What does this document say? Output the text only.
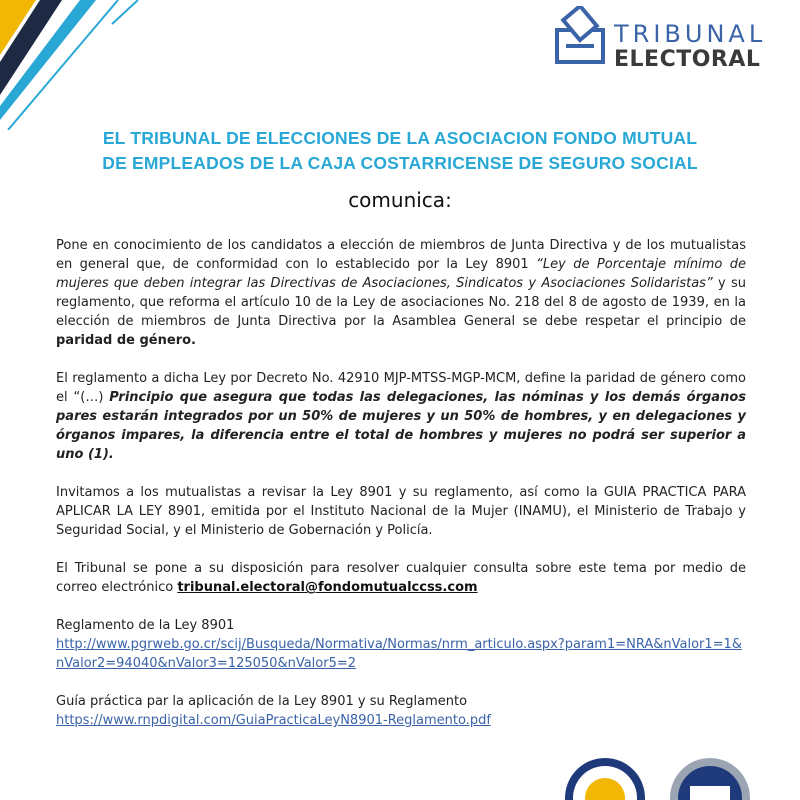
TRIBUNAL
ELECTORAL
EL TRIBUNAL DE ELECCIONES DE LA ASOCIACION FONDO MUTUAL
DE EMPLEADOS DE LA CAJA COSTARRICENSE DE SEGURO SOCIAL
comunica:

Pone en conocimiento de los candidatos a elección de miembros de Junta Directiva y de los mutualistas en general que, de conformidad con lo establecido por la Ley 8901 “Ley de Porcentaje mínimo de mujeres que deben integrar las Directivas de Asociaciones, Sindicatos y Asociaciones Solidaristas” y su reglamento, que reforma el artículo 10 de la Ley de asociaciones No. 218 del 8 de agosto de 1939, en la elección de miembros de Junta Directiva por la Asamblea General se debe respetar el principio de paridad de género.

El reglamento a dicha Ley por Decreto No. 42910 MJP-MTSS-MGP-MCM, define la paridad de género como el “(…) Principio que asegura que todas las delegaciones, las nóminas y los demás órganos pares estarán integrados por un 50% de mujeres y un 50% de hombres, y en delegaciones y órganos impares, la diferencia entre el total de hombres y mujeres no podrá ser superior a uno (1).

Invitamos a los mutualistas a revisar la Ley 8901 y su reglamento, así como la GUIA PRACTICA PARA APLICAR LA LEY 8901, emitida por el Instituto Nacional de la Mujer (INAMU), el Ministerio de Trabajo y Seguridad Social, y el Ministerio de Gobernación y Policía.

El Tribunal se pone a su disposición para resolver cualquier consulta sobre este tema por medio de correo electrónico tribunal.electoral@fondomutualccss.com

Reglamento de la Ley 8901
http://www.pgrweb.go.cr/scij/Busqueda/Normativa/Normas/nrm_articulo.aspx?param1=NRA&nValor1=1&nValor2=94040&nValor3=125050&nValor5=2

Guía práctica par la aplicación de la Ley 8901 y su Reglamento
https://www.rnpdigital.com/GuiaPracticaLeyN8901-Reglamento.pdf
